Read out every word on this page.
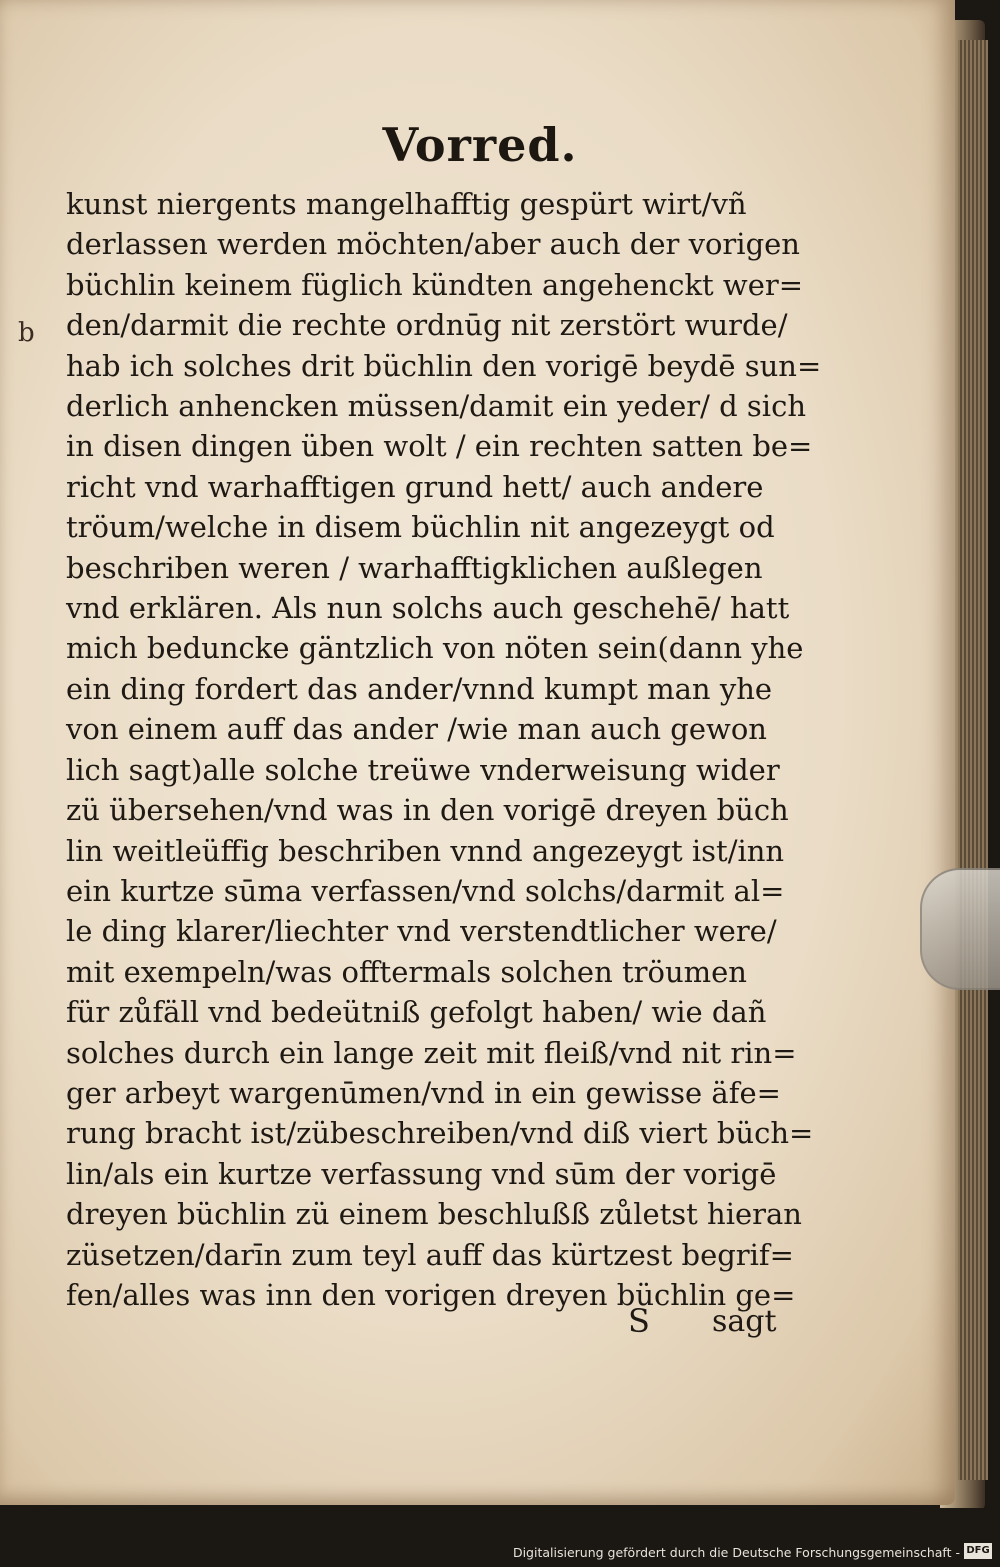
Vorred.
b
kunst niergents mangelhafftig gespürt wirt/vñ
derlassen werden möchten/aber auch der vorigen
büchlin keinem füglich kündten angehenckt wer=
den/darmit die rechte ordnūg nit zerstört wurde/
hab ich solches drit büchlin den vorigē beydē sun=
derlich anhencken müssen/damit ein yeder/ d sich
in disen dingen üben wolt / ein rechten satten be=
richt vnd warhafftigen grund hett/ auch andere
tröum/welche in disem büchlin nit angezeygt od
beschriben weren / warhafftigklichen außlegen
vnd erklären. Als nun solchs auch geschehē/ hatt
mich beduncke gäntzlich von nöten sein(dann yhe
ein ding fordert das ander/vnnd kumpt man yhe
von einem auff das ander /wie man auch gewon
lich sagt)alle solche treüwe vnderweisung wider
zü übersehen/vnd was in den vorigē dreyen büch
lin weitleüffig beschriben vnnd angezeygt ist/inn
ein kurtze sūma verfassen/vnd solchs/darmit al=
le ding klarer/liechter vnd verstendtlicher were/
mit exempeln/was offtermals solchen tröumen
für zůfäll vnd bedeütniß gefolgt haben/ wie dañ
solches durch ein lange zeit mit fleiß/vnd nit rin=
ger arbeyt wargenūmen/vnd in ein gewisse äfe=
rung bracht ist/zübeschreiben/vnd diß viert büch=
lin/als ein kurtze verfassung vnd sūm der vorigē
dreyen büchlin zü einem beschlußß zůletst hieran
züsetzen/darīn zum teyl auff das kürtzest begrif=
fen/alles was inn den vorigen dreyen büchlin ge=
S sagt
Digitalisierung gefördert durch die Deutsche Forschungsgemeinschaft - DFG
